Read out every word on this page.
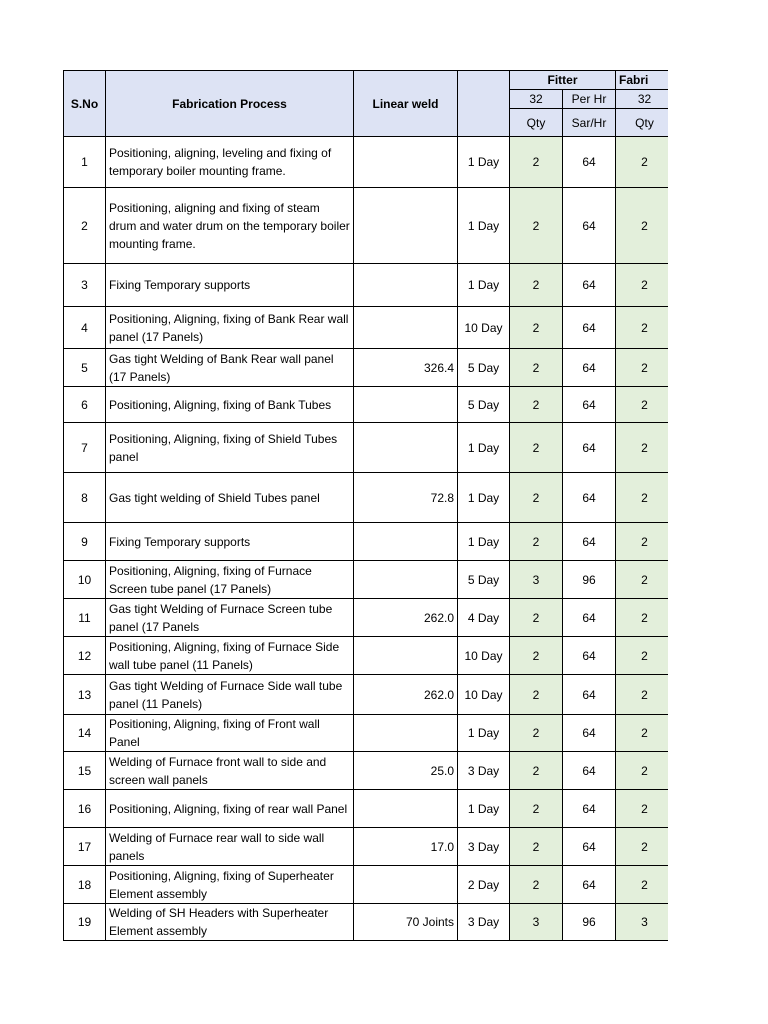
S.No	Fabrication Process	Linear weld		Fitter		Fabri
				32	Per Hr	32
				Qty	Sar/Hr	Qty
1	Positioning, aligning, leveling and fixing of temporary boiler mounting frame.		1 Day	2	64	2
2	Positioning, aligning and fixing of steam drum and water drum on the temporary boiler
mounting frame.		1 Day	2	64	2
3	Fixing Temporary supports		1 Day	2	64	2
4	Positioning, Aligning, fixing of Bank Rear wall panel (17 Panels)		10 Day	2	64	2
5	Gas tight Welding of Bank Rear wall panel (17 Panels)	326.4	5 Day	2	64	2
6	Positioning, Aligning, fixing of Bank Tubes		5 Day	2	64	2
7	Positioning, Aligning, fixing of Shield Tubes panel		1 Day	2	64	2
8	Gas tight welding of Shield Tubes panel	72.8	1 Day	2	64	2
9	Fixing Temporary supports		1 Day	2	64	2
10	Positioning, Aligning, fixing of Furnace Screen tube panel (17 Panels)		5 Day	3	96	2
11	Gas tight Welding of Furnace Screen tube panel (17 Panels	262.0	4 Day	2	64	2
12	Positioning, Aligning, fixing of Furnace Side wall tube panel (11 Panels)		10 Day	2	64	2
13	Gas tight Welding of Furnace Side wall tube panel (11 Panels)	262.0	10 Day	2	64	2
14	Positioning, Aligning, fixing of Front wall Panel		1 Day	2	64	2
15	Welding of Furnace front wall to side and screen wall panels	25.0	3 Day	2	64	2
16	Positioning, Aligning, fixing of rear wall Panel		1 Day	2	64	2
17	Welding of Furnace rear wall to side wall panels	17.0	3 Day	2	64	2
18	Positioning, Aligning, fixing of Superheater Element assembly		2 Day	2	64	2
19	Welding of SH Headers with Superheater Element assembly	70 Joints	3 Day	3	96	3
